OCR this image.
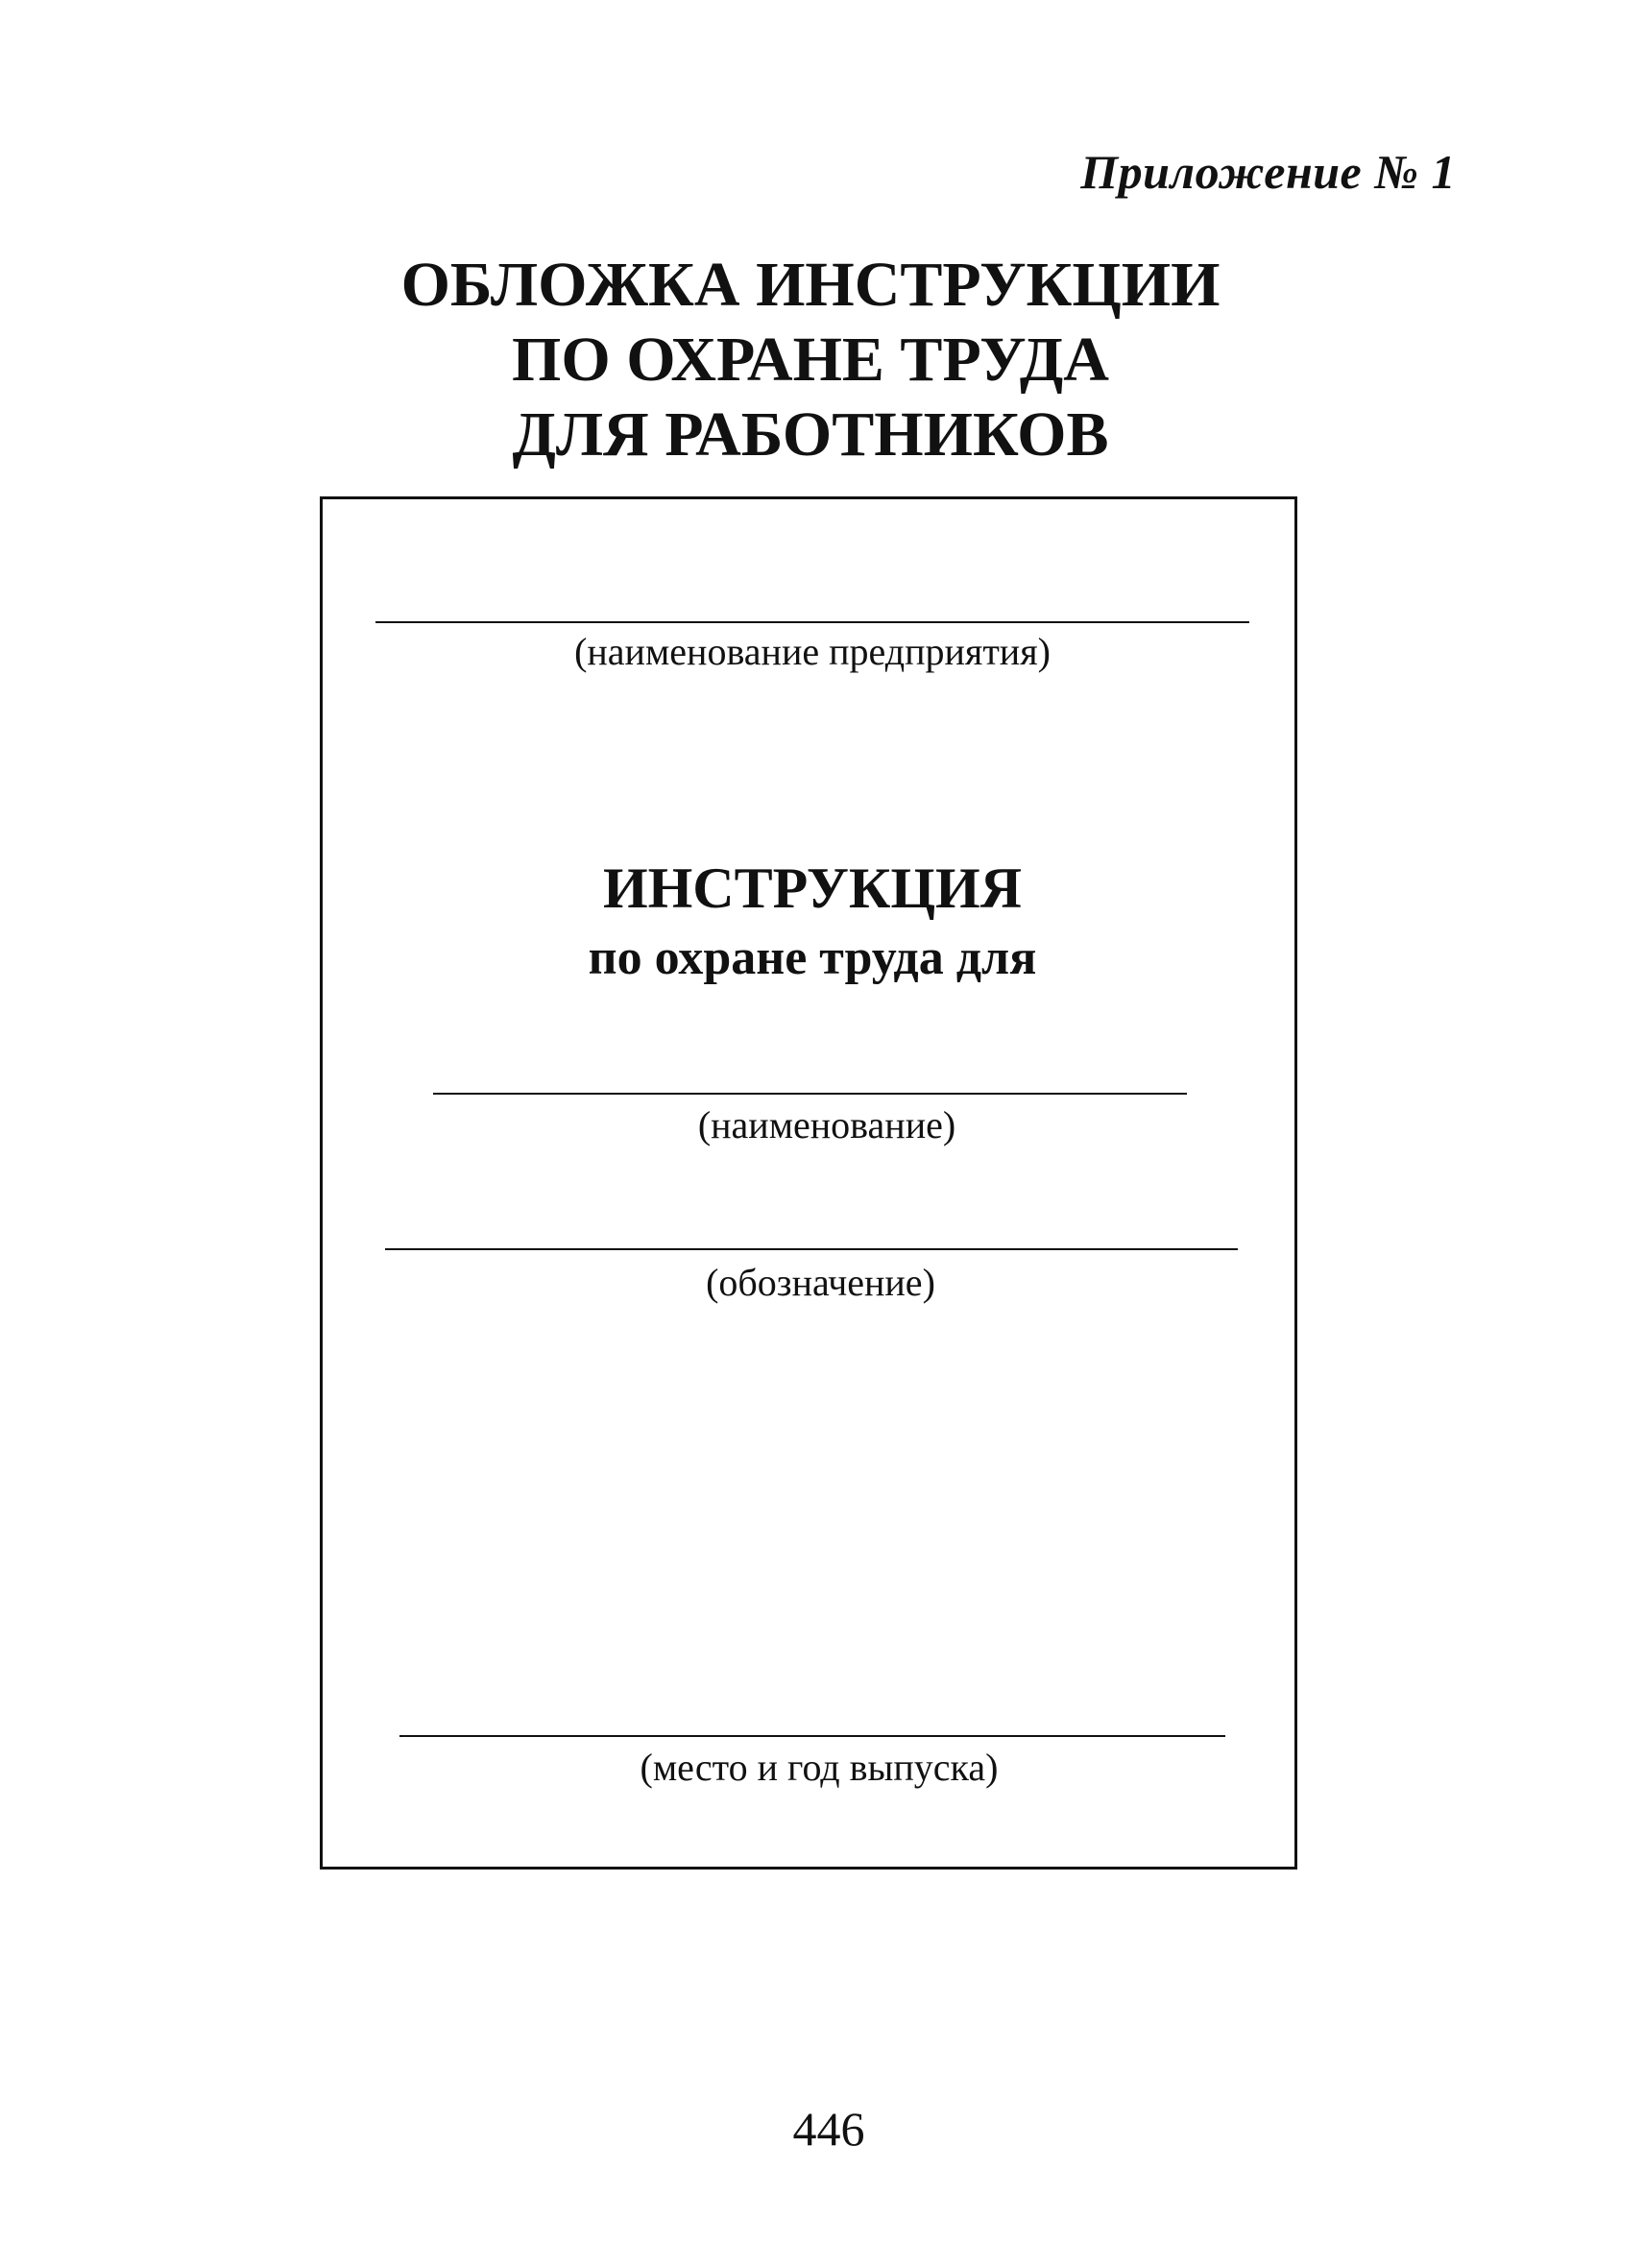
Приложение № 1
ОБЛОЖКА ИНСТРУКЦИИ
ПО ОХРАНЕ ТРУДА
ДЛЯ РАБОТНИКОВ
(наименование предприятия)
ИНСТРУКЦИЯ
по охране труда для
(наименование)
(обозначение)
(место и год выпуска)
446
